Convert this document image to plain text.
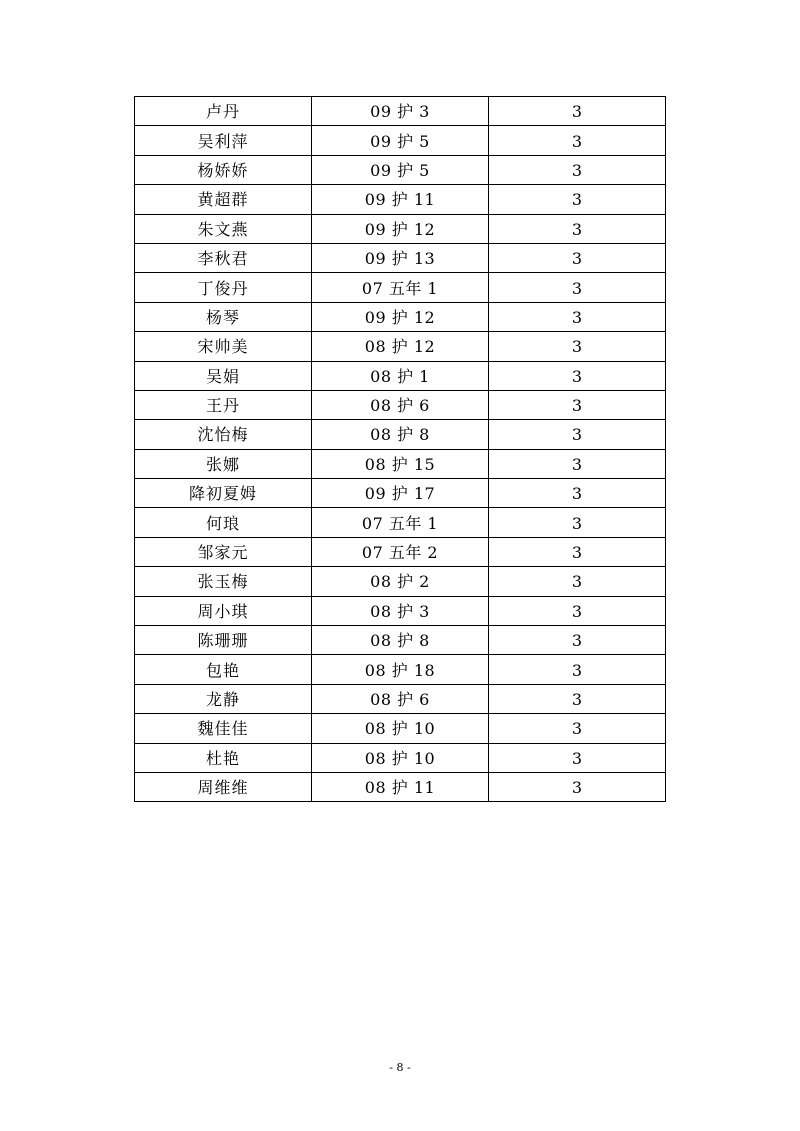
卢丹	09 护 3	3
吴利萍	09 护 5	3
杨娇娇	09 护 5	3
黄超群	09 护 11	3
朱文燕	09 护 12	3
李秋君	09 护 13	3
丁俊丹	07 五年 1	3
杨琴	09 护 12	3
宋帅美	08 护 12	3
吴娟	08 护 1	3
王丹	08 护 6	3
沈怡梅	08 护 8	3
张娜	08 护 15	3
降初夏姆	09 护 17	3
何琅	07 五年 1	3
邹家元	07 五年 2	3
张玉梅	08 护 2	3
周小琪	08 护 3	3
陈珊珊	08 护 8	3
包艳	08 护 18	3
龙静	08 护 6	3
魏佳佳	08 护 10	3
杜艳	08 护 10	3
周维维	08 护 11	3
- 8 -
